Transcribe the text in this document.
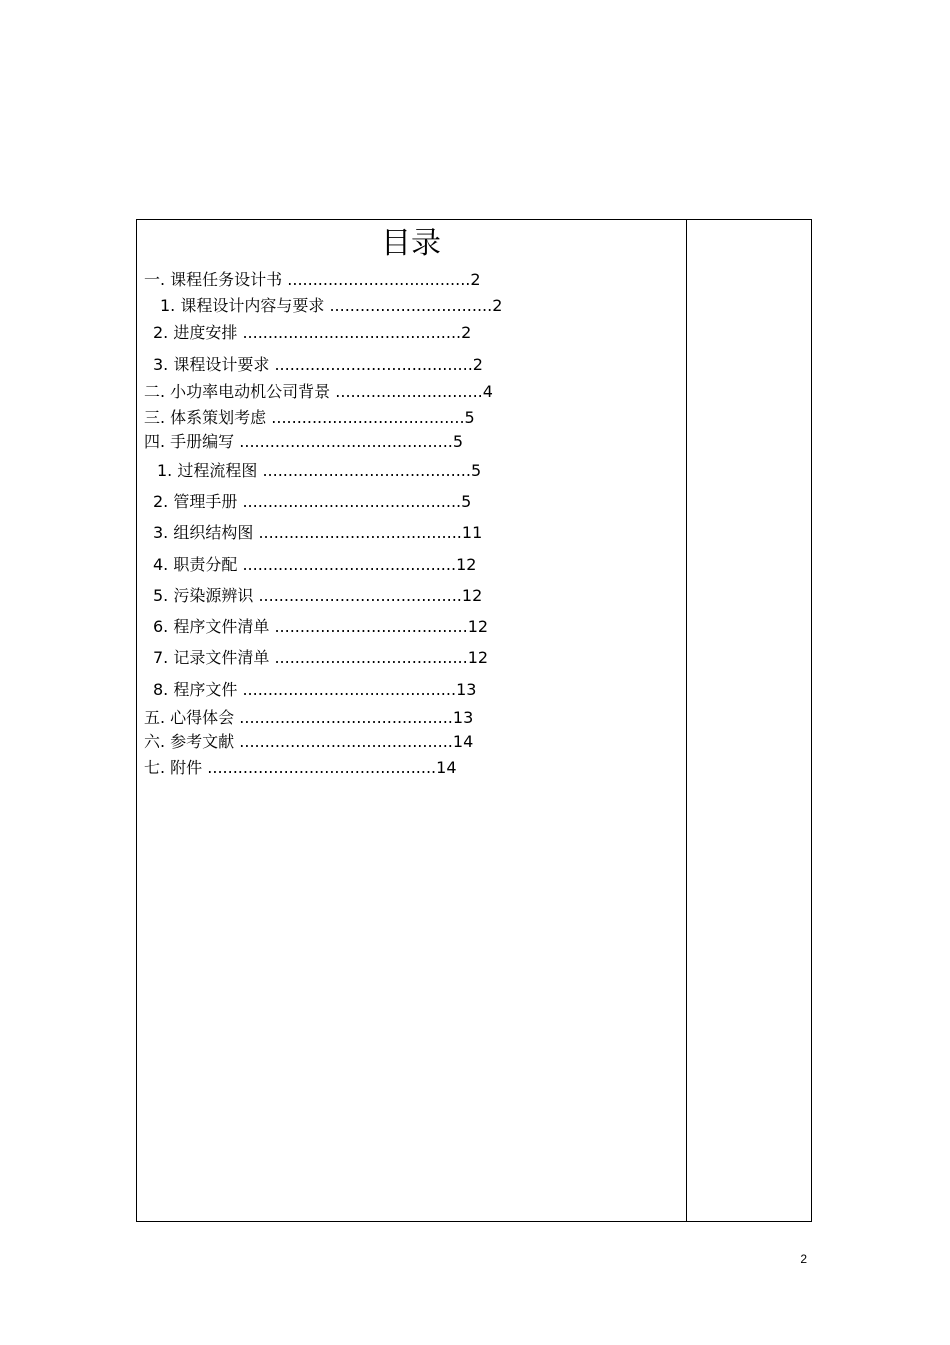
目录
一. 课程任务设计书 ....................................2
1. 课程设计内容与要求 ................................2
2. 进度安排 ...........................................2
3. 课程设计要求 .......................................2
二. 小功率电动机公司背景 .............................4
三. 体系策划考虑 ......................................5
四. 手册编写 ..........................................5
1. 过程流程图 .........................................5
2. 管理手册 ...........................................5
3. 组织结构图 ........................................11
4. 职责分配 ..........................................12
5. 污染源辨识 ........................................12
6. 程序文件清单 ......................................12
7. 记录文件清单 ......................................12
8. 程序文件 ..........................................13
五. 心得体会 ..........................................13
六. 参考文献 ..........................................14
七. 附件 .............................................14
2
